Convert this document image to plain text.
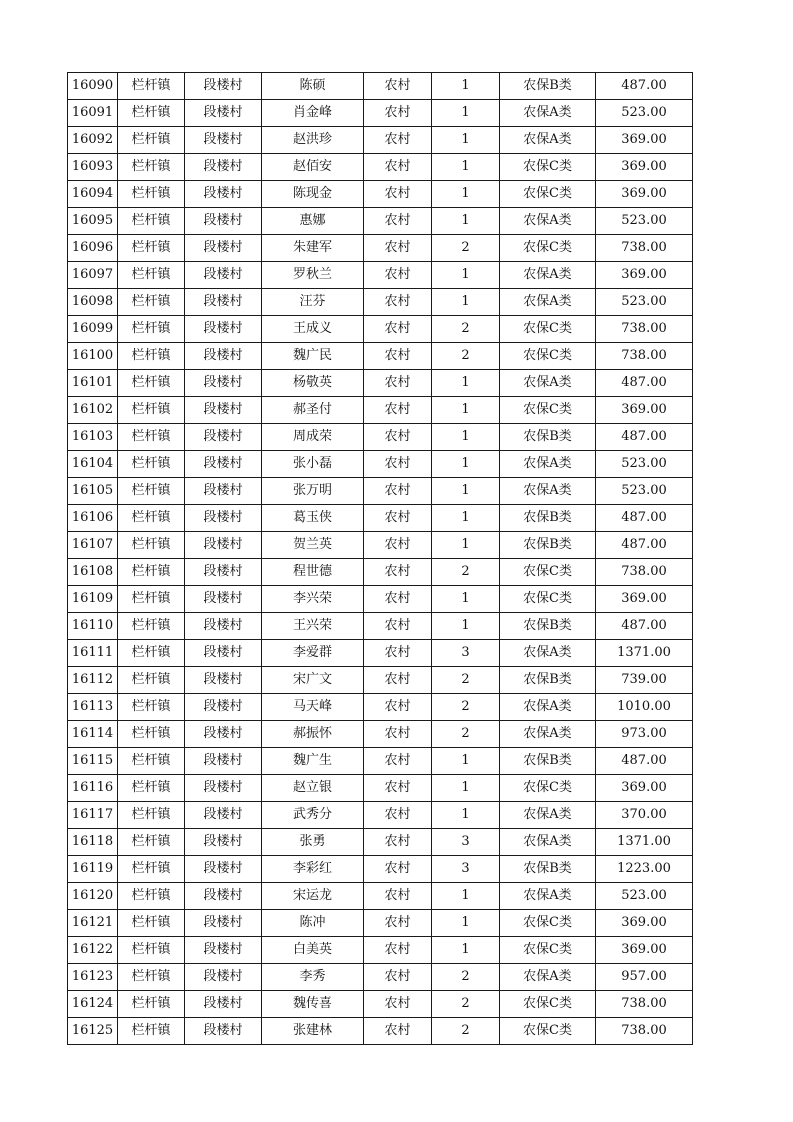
16090	栏杆镇	段楼村	陈硕	农村	1	农保B类	487.00
16091	栏杆镇	段楼村	肖金峰	农村	1	农保A类	523.00
16092	栏杆镇	段楼村	赵洪珍	农村	1	农保A类	369.00
16093	栏杆镇	段楼村	赵佰安	农村	1	农保C类	369.00
16094	栏杆镇	段楼村	陈现金	农村	1	农保C类	369.00
16095	栏杆镇	段楼村	惠娜	农村	1	农保A类	523.00
16096	栏杆镇	段楼村	朱建军	农村	2	农保C类	738.00
16097	栏杆镇	段楼村	罗秋兰	农村	1	农保A类	369.00
16098	栏杆镇	段楼村	汪芬	农村	1	农保A类	523.00
16099	栏杆镇	段楼村	王成义	农村	2	农保C类	738.00
16100	栏杆镇	段楼村	魏广民	农村	2	农保C类	738.00
16101	栏杆镇	段楼村	杨敬英	农村	1	农保A类	487.00
16102	栏杆镇	段楼村	郝圣付	农村	1	农保C类	369.00
16103	栏杆镇	段楼村	周成荣	农村	1	农保B类	487.00
16104	栏杆镇	段楼村	张小磊	农村	1	农保A类	523.00
16105	栏杆镇	段楼村	张万明	农村	1	农保A类	523.00
16106	栏杆镇	段楼村	葛玉侠	农村	1	农保B类	487.00
16107	栏杆镇	段楼村	贺兰英	农村	1	农保B类	487.00
16108	栏杆镇	段楼村	程世德	农村	2	农保C类	738.00
16109	栏杆镇	段楼村	李兴荣	农村	1	农保C类	369.00
16110	栏杆镇	段楼村	王兴荣	农村	1	农保B类	487.00
16111	栏杆镇	段楼村	李爱群	农村	3	农保A类	1371.00
16112	栏杆镇	段楼村	宋广文	农村	2	农保B类	739.00
16113	栏杆镇	段楼村	马天峰	农村	2	农保A类	1010.00
16114	栏杆镇	段楼村	郝振怀	农村	2	农保A类	973.00
16115	栏杆镇	段楼村	魏广生	农村	1	农保B类	487.00
16116	栏杆镇	段楼村	赵立银	农村	1	农保C类	369.00
16117	栏杆镇	段楼村	武秀分	农村	1	农保A类	370.00
16118	栏杆镇	段楼村	张勇	农村	3	农保A类	1371.00
16119	栏杆镇	段楼村	李彩红	农村	3	农保B类	1223.00
16120	栏杆镇	段楼村	宋运龙	农村	1	农保A类	523.00
16121	栏杆镇	段楼村	陈冲	农村	1	农保C类	369.00
16122	栏杆镇	段楼村	白美英	农村	1	农保C类	369.00
16123	栏杆镇	段楼村	李秀	农村	2	农保A类	957.00
16124	栏杆镇	段楼村	魏传喜	农村	2	农保C类	738.00
16125	栏杆镇	段楼村	张建林	农村	2	农保C类	738.00
